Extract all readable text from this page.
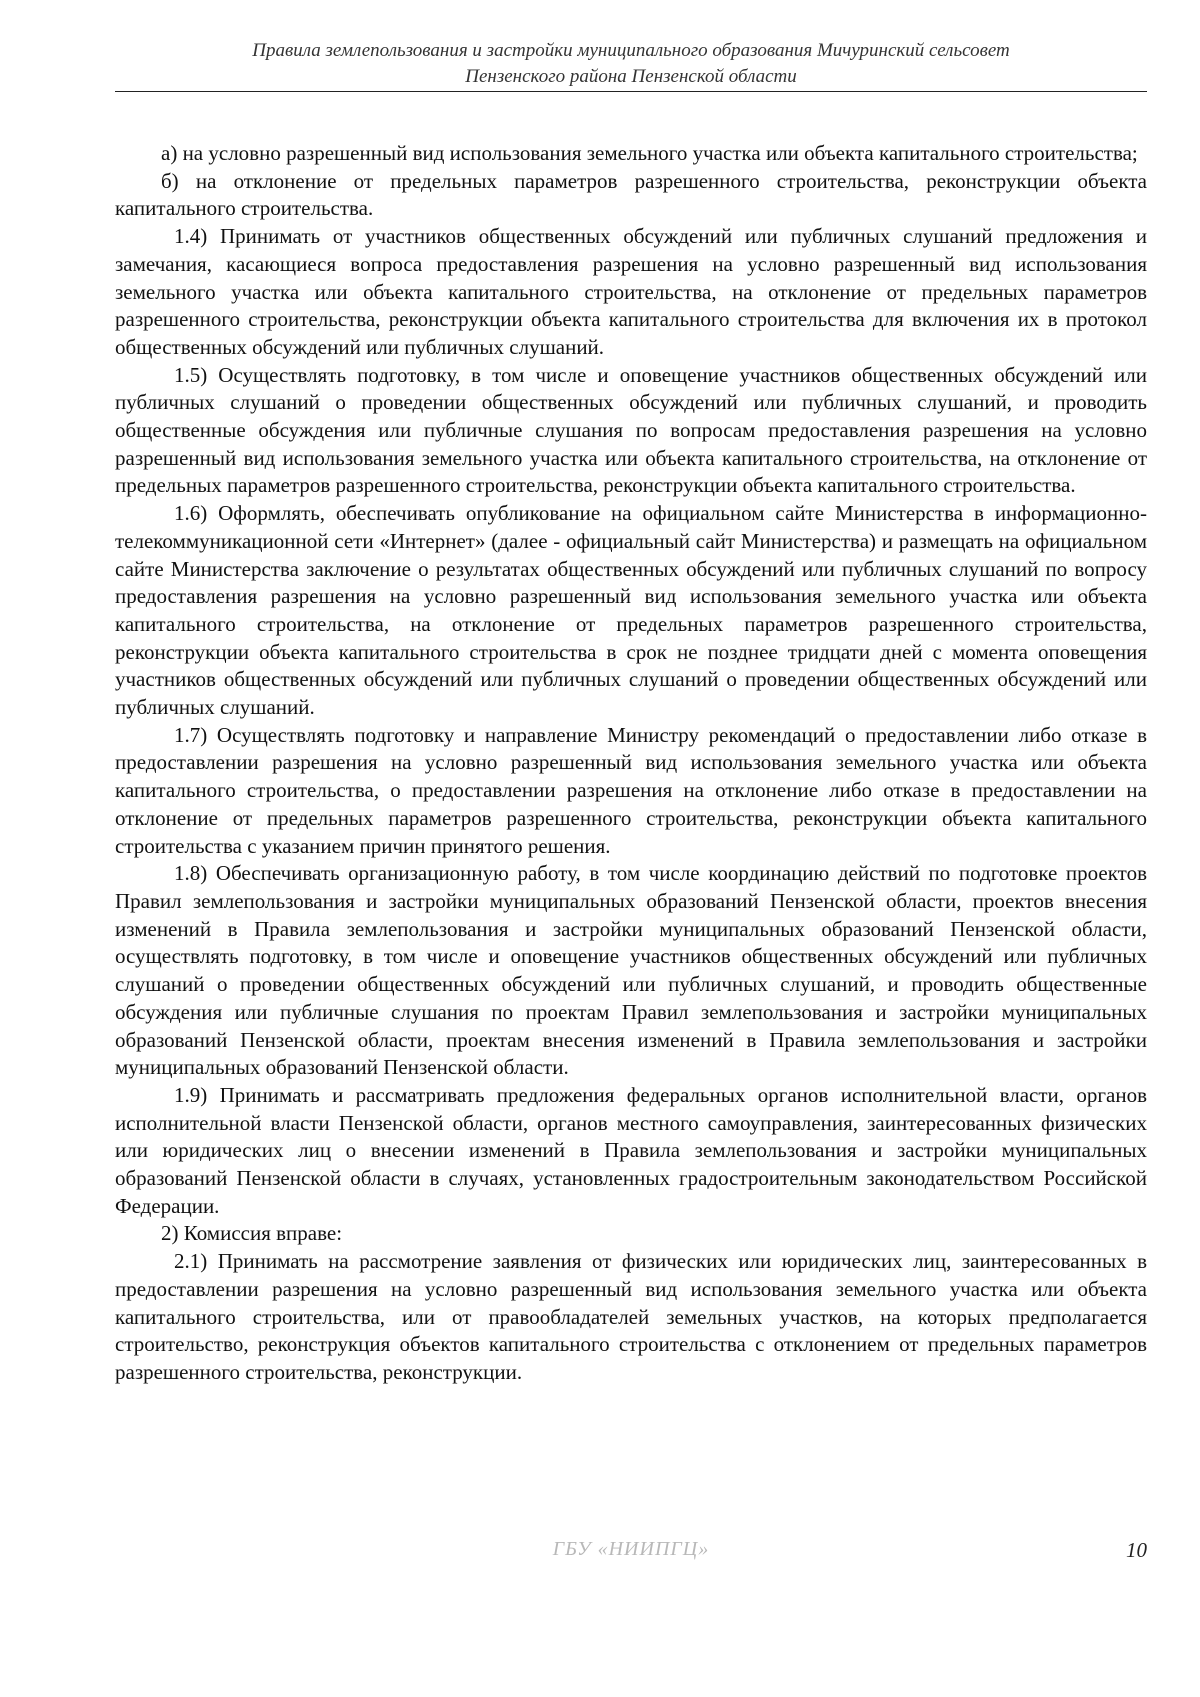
Правила землепользования и застройки муниципального образования Мичуринский сельсовет
Пензенского района Пензенской области

а) на условно разрешенный вид использования земельного участка или объекта капитального строительства;

б) на отклонение от предельных параметров разрешенного строительства, реконструкции объекта капитального строительства.

1.4) Принимать от участников общественных обсуждений или публичных слушаний предложения и замечания, касающиеся вопроса предоставления разрешения на условно разрешенный вид использования земельного участка или объекта капитального строительства, на отклонение от предельных параметров разрешенного строительства, реконструкции объекта капитального строительства для включения их в протокол общественных обсуждений или публичных слушаний.

1.5) Осуществлять подготовку, в том числе и оповещение участников общественных обсуждений или публичных слушаний о проведении общественных обсуждений или публичных слушаний, и проводить общественные обсуждения или публичные слушания по вопросам предоставления разрешения на условно разрешенный вид использования земельного участка или объекта капитального строительства, на отклонение от предельных параметров разрешенного строительства, реконструкции объекта капитального строительства.

1.6) Оформлять, обеспечивать опубликование на официальном сайте Министерства в информационно-телекоммуникационной сети «Интернет» (далее - официальный сайт Министерства) и размещать на официальном сайте Министерства заключение о результатах общественных обсуждений или публичных слушаний по вопросу предоставления разрешения на условно разрешенный вид использования земельного участка или объекта капитального строительства, на отклонение от предельных параметров разрешенного строительства, реконструкции объекта капитального строительства в срок не позднее тридцати дней с момента оповещения участников общественных обсуждений или публичных слушаний о проведении общественных обсуждений или публичных слушаний.

1.7) Осуществлять подготовку и направление Министру рекомендаций о предоставлении либо отказе в предоставлении разрешения на условно разрешенный вид использования земельного участка или объекта капитального строительства, о предоставлении разрешения на отклонение либо отказе в предоставлении на отклонение от предельных параметров разрешенного строительства, реконструкции объекта капитального строительства с указанием причин принятого решения.

1.8) Обеспечивать организационную работу, в том числе координацию действий по подготовке проектов Правил землепользования и застройки муниципальных образований Пензенской области, проектов внесения изменений в Правила землепользования и застройки муниципальных образований Пензенской области, осуществлять подготовку, в том числе и оповещение участников общественных обсуждений или публичных слушаний о проведении общественных обсуждений или публичных слушаний, и проводить общественные обсуждения или публичные слушания по проектам Правил землепользования и застройки муниципальных образований Пензенской области, проектам внесения изменений в Правила землепользования и застройки муниципальных образований Пензенской области.

1.9) Принимать и рассматривать предложения федеральных органов исполнительной власти, органов исполнительной власти Пензенской области, органов местного самоуправления, заинтересованных физических или юридических лиц о внесении изменений в Правила землепользования и застройки муниципальных образований Пензенской области в случаях, установленных градостроительным законодательством Российской Федерации.

2) Комиссия вправе:

2.1) Принимать на рассмотрение заявления от физических или юридических лиц, заинтересованных в предоставлении разрешения на условно разрешенный вид использования земельного участка или объекта капитального строительства, или от правообладателей земельных участков, на которых предполагается строительство, реконструкция объектов капитального строительства с отклонением от предельных параметров разрешенного строительства, реконструкции.

ГБУ «НИИПГЦ»	10
